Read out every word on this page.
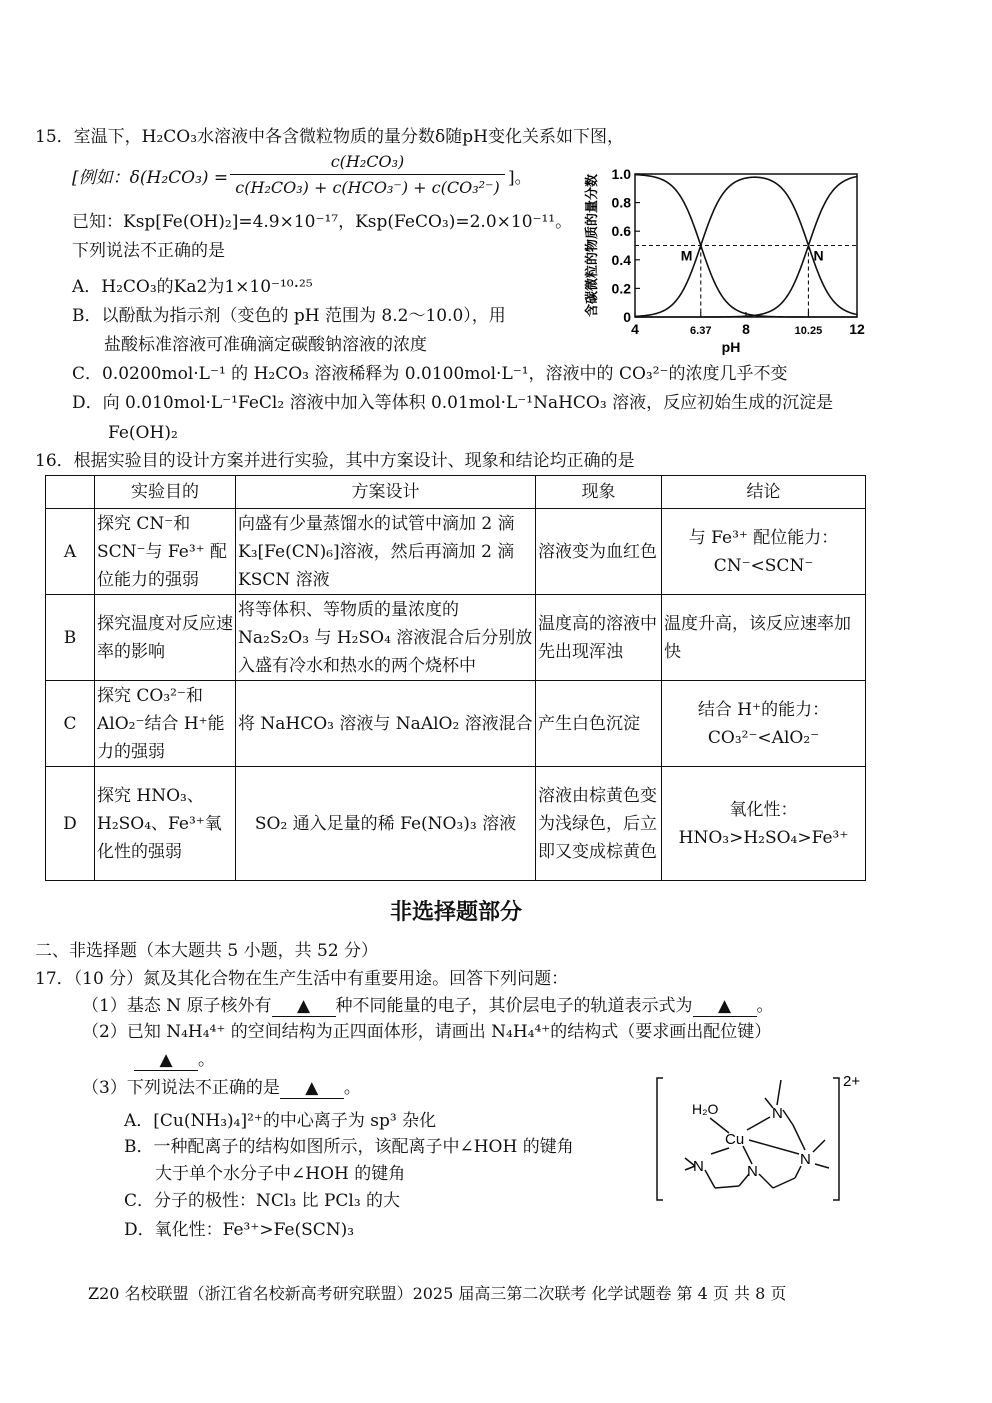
15．室温下，H₂CO₃水溶液中各含微粒物质的量分数δ随pH变化关系如下图，
[例如：δ(H₂CO₃) =
c(H₂CO₃)
c(H₂CO₃) + c(HCO₃⁻) + c(CO₃²⁻) ]。
已知：Ksp[Fe(OH)₂]=4.9×10⁻¹⁷，Ksp(FeCO₃)=2.0×10⁻¹¹。
下列说法不正确的是
A．H₂CO₃的Ka2为1×10⁻¹⁰·²⁵
B．以酚酞为指示剂（变色的 pH 范围为 8.2～10.0），用
盐酸标准溶液可准确滴定碳酸钠溶液的浓度
C．0.0200mol·L⁻¹ 的 H₂CO₃ 溶液稀释为 0.0100mol·L⁻¹，溶液中的 CO₃²⁻的浓度几乎不变
D．向 0.010mol·L⁻¹FeCl₂ 溶液中加入等体积 0.01mol·L⁻¹NaHCO₃ 溶液，反应初始生成的沉淀是
Fe(OH)₂
0
0.2
0.4
0.6
0.8
1.0
4	6.37 8	10.25 12
pH
含碳微粒的物质的量分数	M	N
16．根据实验目的设计方案并进行实验，其中方案设计、现象和结论均正确的是
	实验目的	方案设计	现象	结论
A	探究 CN⁻和 SCN⁻与 Fe³⁺ 配位能力的强弱	向盛有少量蒸馏水的试管中滴加 2 滴 K₃[Fe(CN)₆]溶液，然后再滴加 2 滴 KSCN 溶液	溶液变为血红色	与 Fe³⁺ 配位能力：CN⁻<SCN⁻
B	探究温度对反应速率的影响	将等体积、等物质的量浓度的 Na₂S₂O₃ 与 H₂SO₄ 溶液混合后分别放入盛有冷水和热水的两个烧杯中	温度高的溶液中先出现浑浊	温度升高，该反应速率加快
C	探究 CO₃²⁻和 AlO₂⁻结合 H⁺能力的强弱	将 NaHCO₃ 溶液与 NaAlO₂ 溶液混合	产生白色沉淀	结合 H⁺的能力：CO₃²⁻<AlO₂⁻
D	探究 HNO₃、H₂SO₄、Fe³⁺氧化性的强弱	SO₂ 通入足量的稀 Fe(NO₃)₃ 溶液	溶液由棕黄色变为浅绿色，后立即又变成棕黄色	氧化性：HNO₃>H₂SO₄>Fe³⁺
非选择题部分
二、非选择题（本大题共 5 小题，共 52 分）
17．（10 分）氮及其化合物在生产生活中有重要用途。回答下列问题：
（1）基态 N 原子核外有 ▲ 种不同能量的电子，其价层电子的轨道表示式为 ▲ 。
（2）已知 N₄H₄⁴⁺ 的空间结构为正四面体形，请画出 N₄H₄⁴⁺的结构式（要求画出配位键）
▲ 。
（3）下列说法不正确的是 ▲ 。
A．[Cu(NH₃)₄]²⁺的中心离子为 sp³ 杂化
B．一种配离子的结构如图所示，该配离子中∠HOH 的键角
大于单个水分子中∠HOH 的键角
C．分子的极性：NCl₃ 比 PCl₃ 的大
D．氧化性：Fe³⁺>Fe(SCN)₃
2+
H₂O
Cu
N
N	N
N
Z20 名校联盟（浙江省名校新高考研究联盟）2025 届高三第二次联考 化学试题卷 第 4 页 共 8 页
